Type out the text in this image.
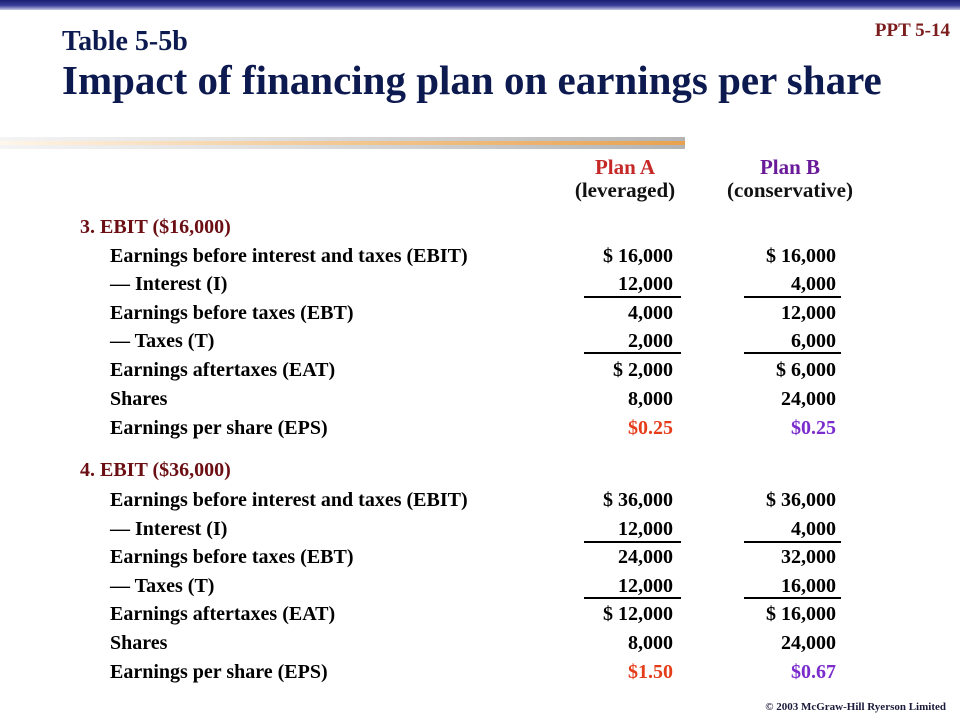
PPT 5-14
Table 5-5b
Impact of financing plan on earnings per share
Plan A
(leveraged)
Plan B
(conservative)
3. EBIT ($16,000)
Earnings before interest and taxes (EBIT)	$ 16,000	$ 16,000
— Interest (I)	12,000	4,000
Earnings before taxes (EBT)	4,000	12,000
— Taxes (T)	2,000	6,000
Earnings aftertaxes (EAT)	$ 2,000	$ 6,000
Shares	8,000	24,000
Earnings per share (EPS)	$0.25	$0.25
4. EBIT ($36,000)
Earnings before interest and taxes (EBIT)	$ 36,000	$ 36,000
— Interest (I)	12,000	4,000
Earnings before taxes (EBT)	24,000	32,000
— Taxes (T)	12,000	16,000
Earnings aftertaxes (EAT)	$ 12,000	$ 16,000
Shares	8,000	24,000
Earnings per share (EPS)	$1.50	$0.67
© 2003 McGraw-Hill Ryerson Limited
